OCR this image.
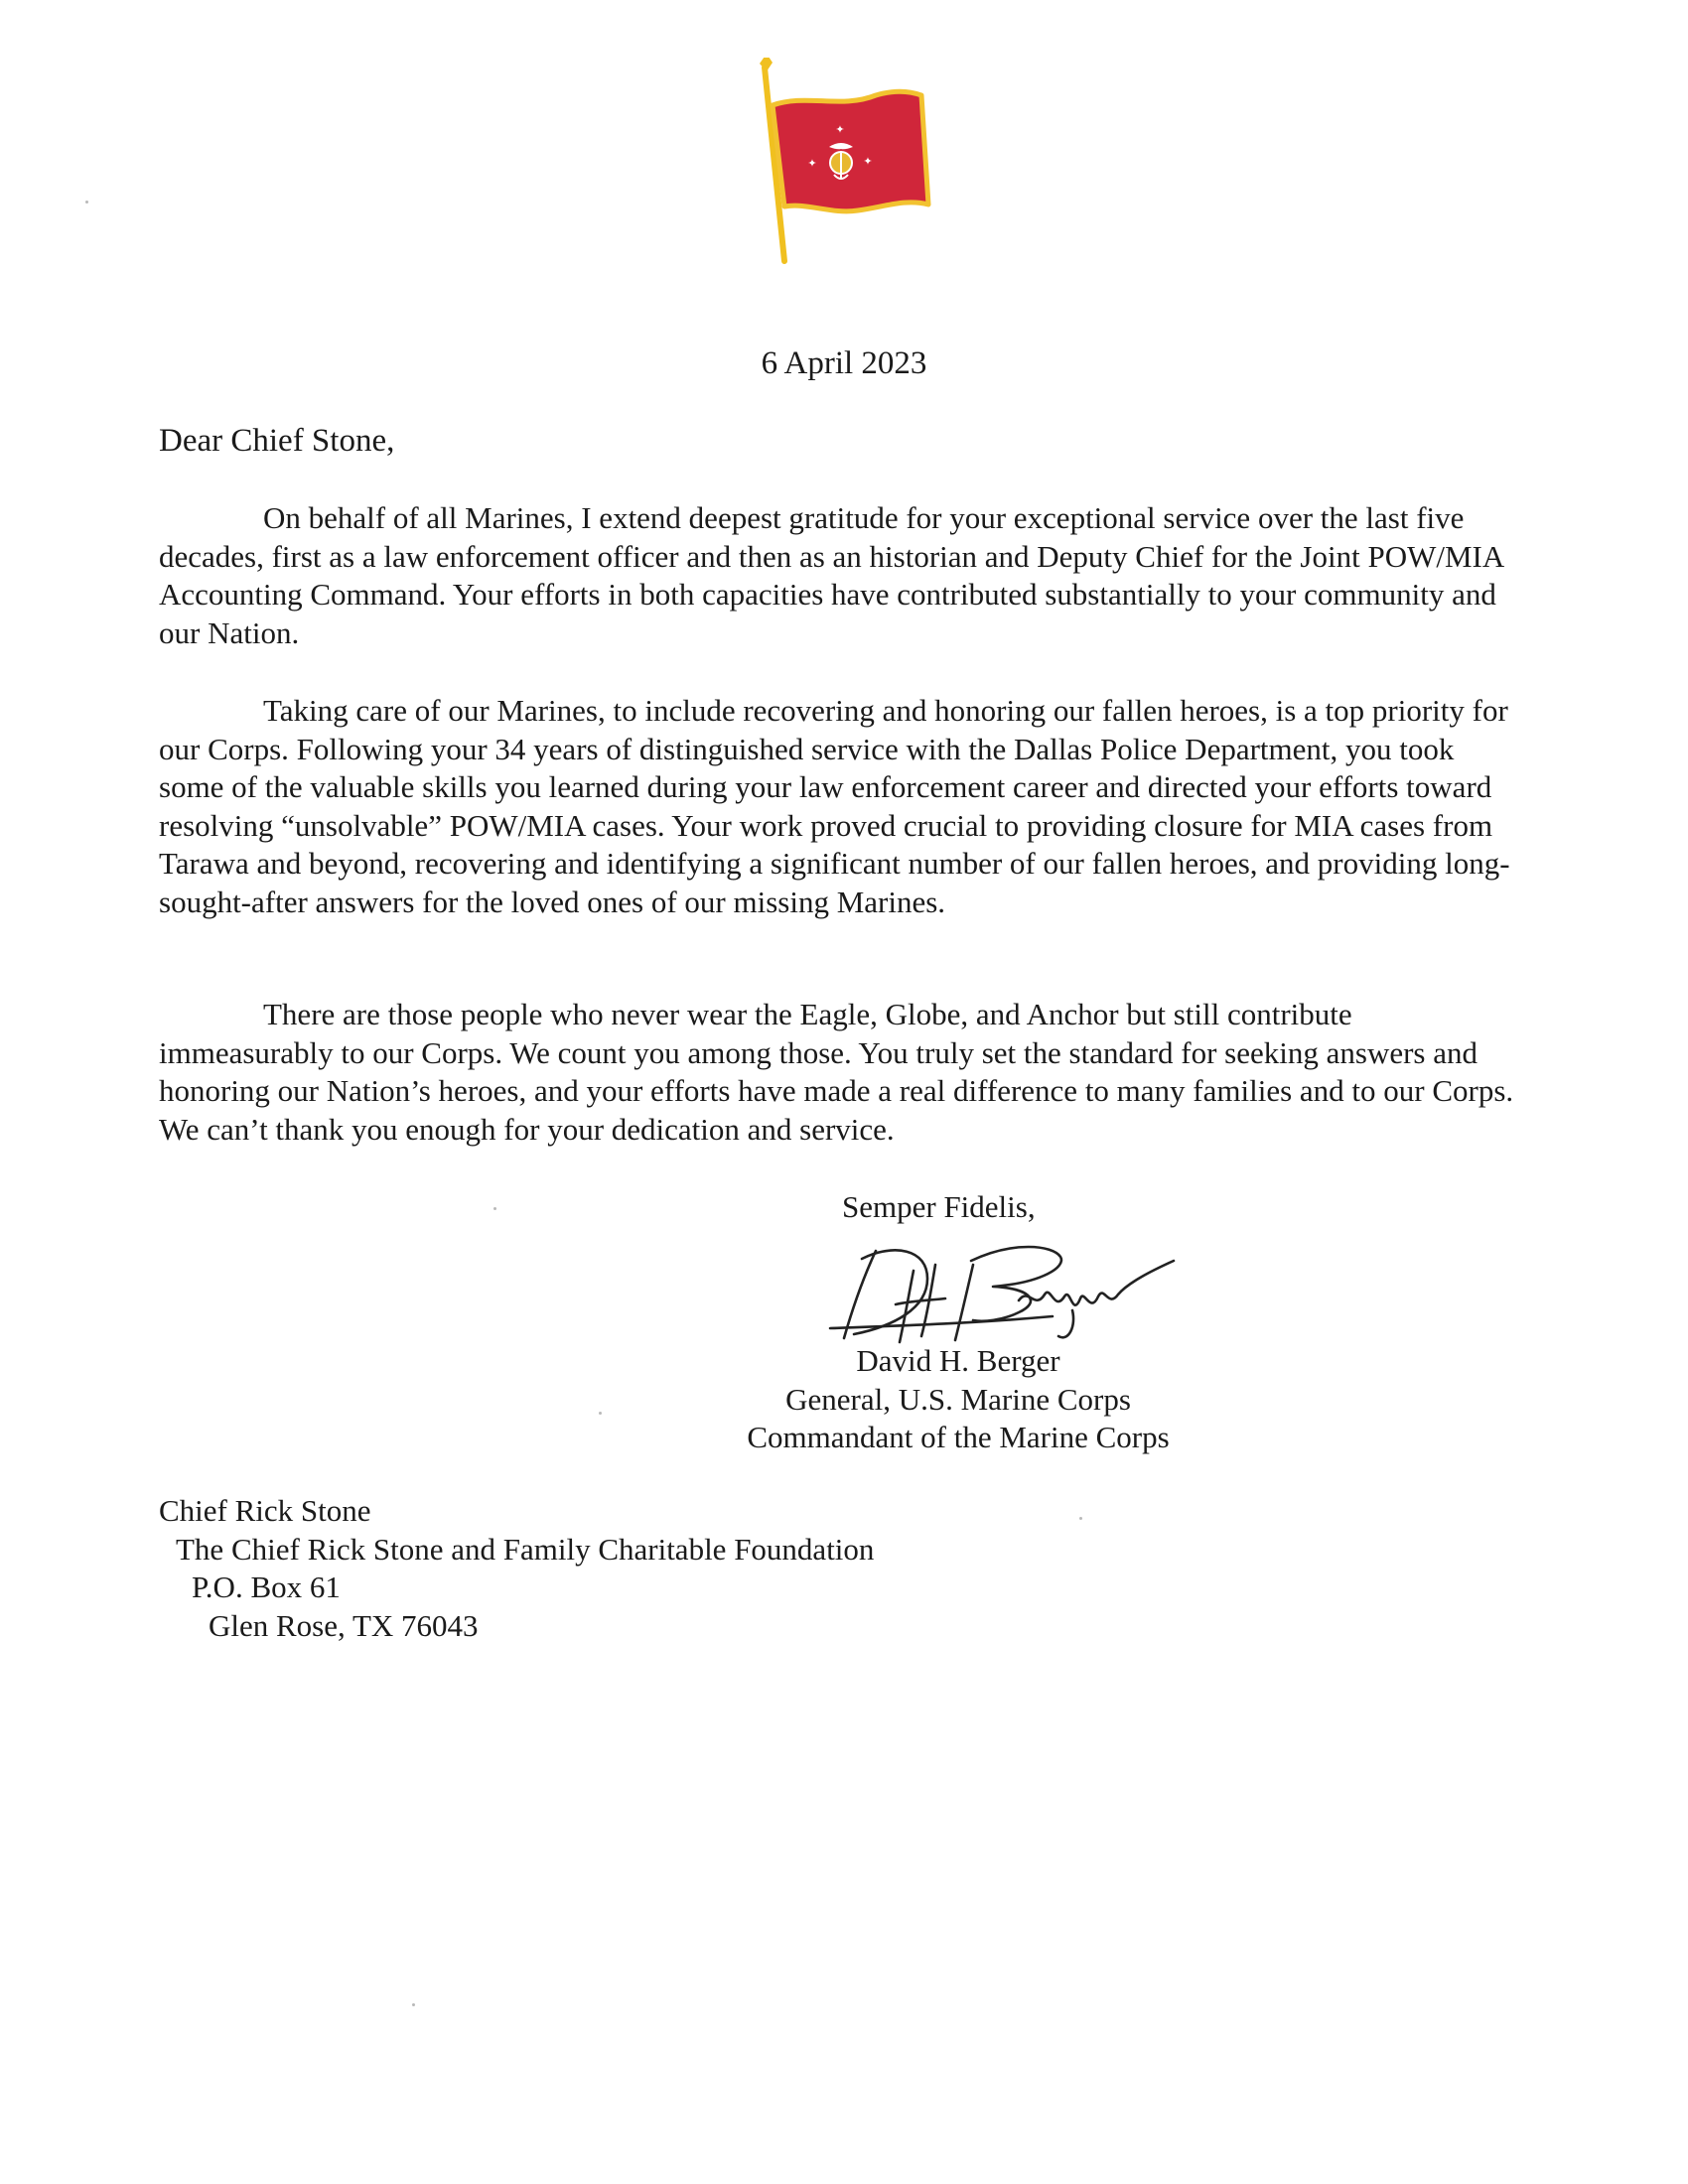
✦
✦	✦
6 April 2023
Dear Chief Stone,

On behalf of all Marines, I extend deepest gratitude for your exceptional service over the last five decades, first as a law enforcement officer and then as an historian and Deputy Chief for the Joint POW/MIA Accounting Command. Your efforts in both capacities have contributed substantially to your community and our Nation.

Taking care of our Marines, to include recovering and honoring our fallen heroes, is a top priority for our Corps. Following your 34 years of distinguished service with the Dallas Police Department, you took some of the valuable skills you learned during your law enforcement career and directed your efforts toward resolving “unsolvable” POW/MIA cases. Your work proved crucial to providing closure for MIA cases from Tarawa and beyond, recovering and identifying a significant number of our fallen heroes, and providing long-sought-after answers for the loved ones of our missing Marines.

There are those people who never wear the Eagle, Globe, and Anchor but still contribute immeasurably to our Corps. We count you among those. You truly set the standard for seeking answers and honoring our Nation’s heroes, and your efforts have made a real difference to many families and to our Corps. We can’t thank you enough for your dedication and service.

Semper Fidelis,
David H. Berger
General, U.S. Marine Corps
Commandant of the Marine Corps
Chief Rick Stone
The Chief Rick Stone and Family Charitable Foundation
P.O. Box 61
Glen Rose, TX 76043
